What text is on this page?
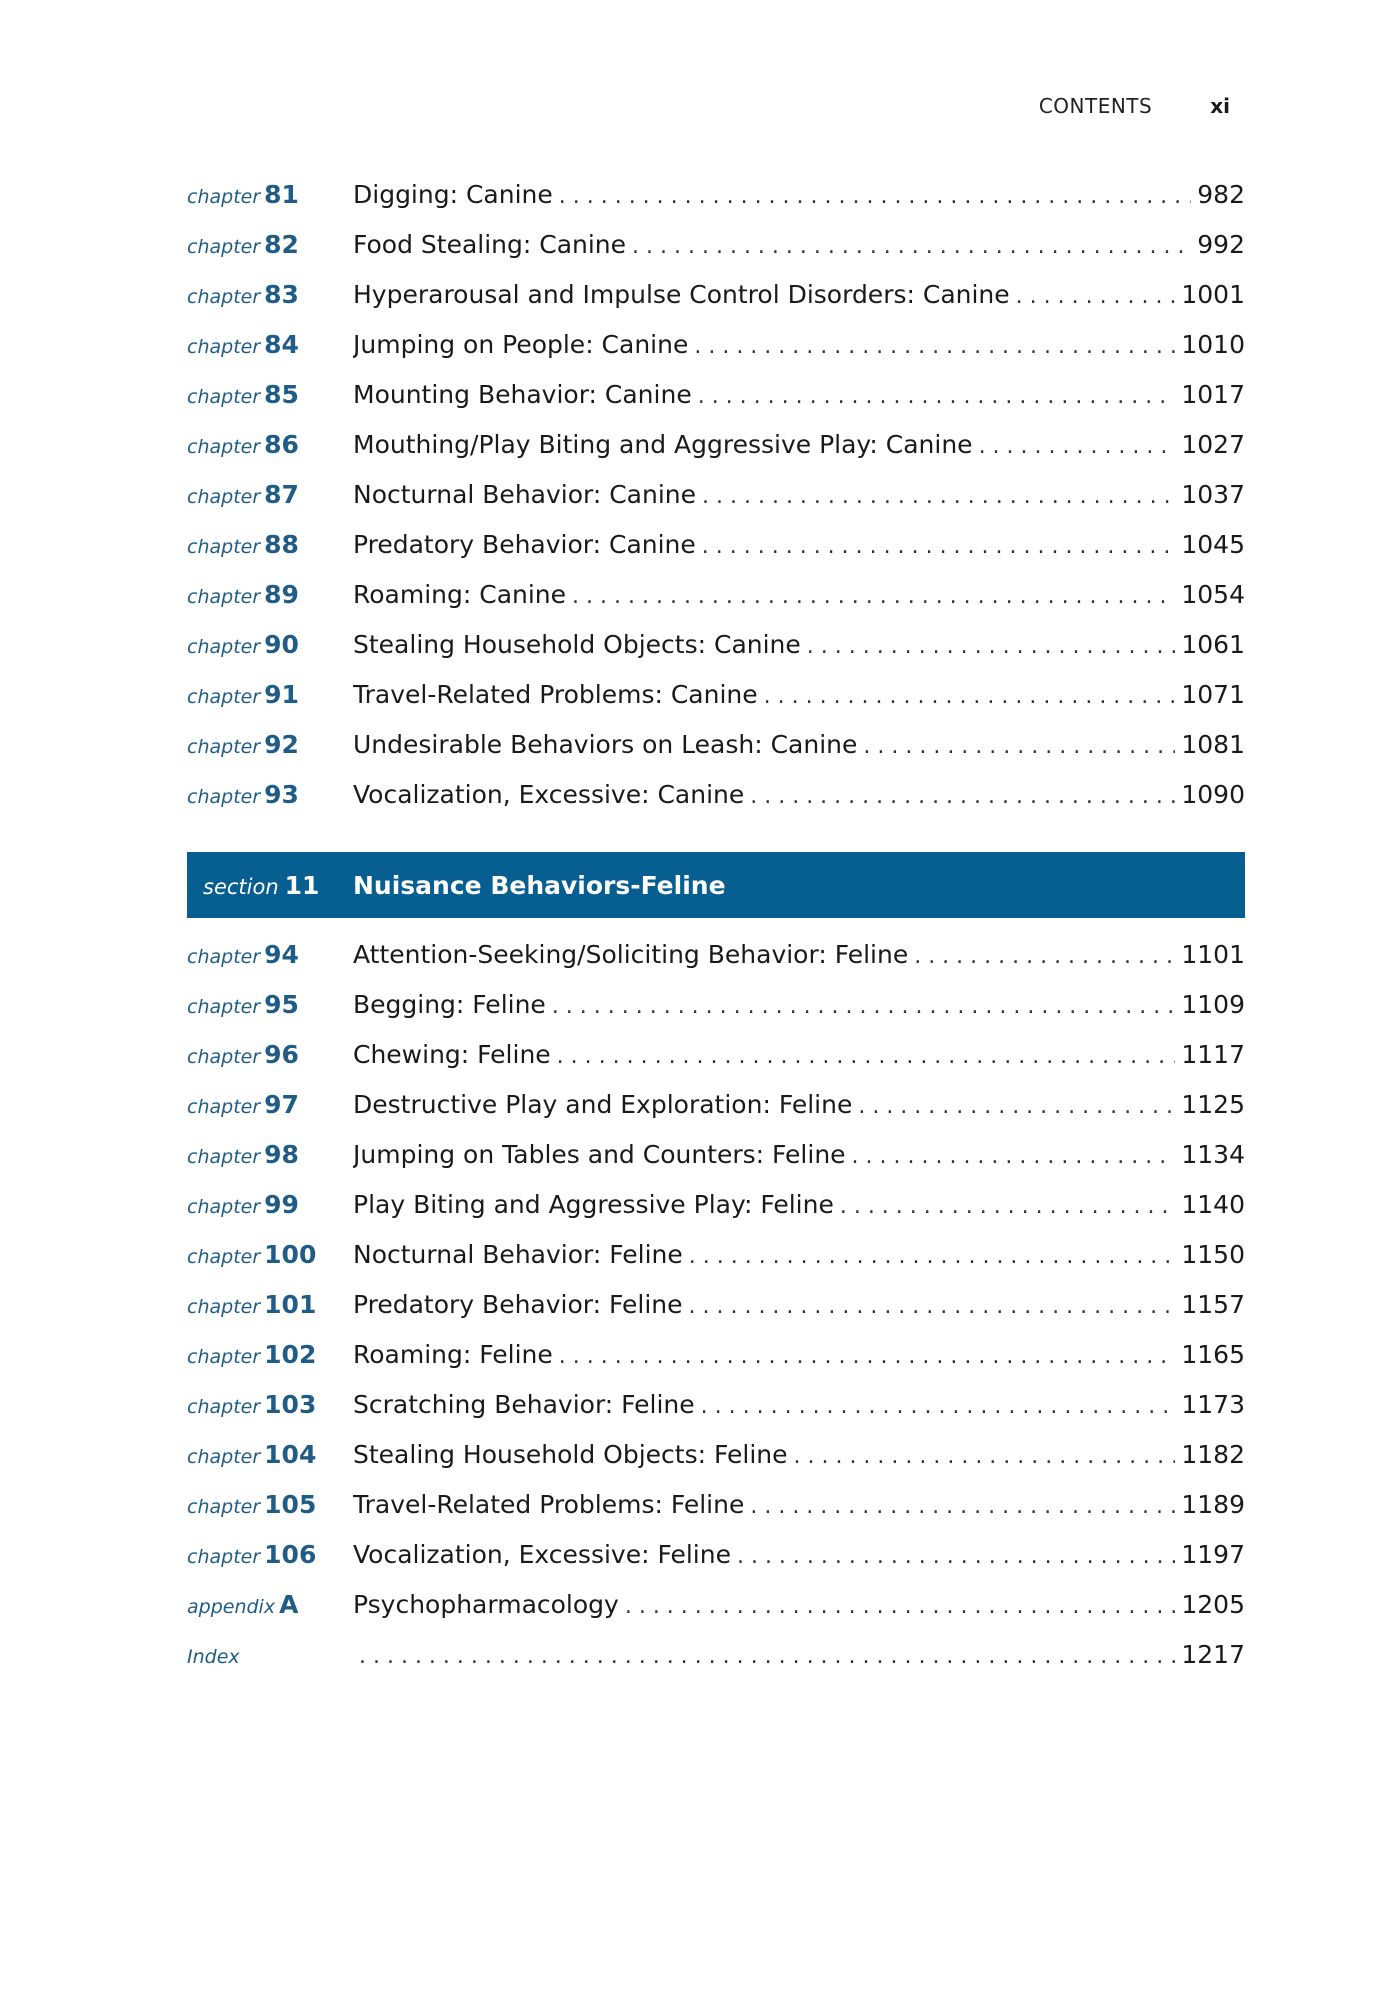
CONTENTS	xi
chapter 81	Digging: Canine . . .	982
chapter 82	Food Stealing: Canine . . .	992
chapter 83	Hyperarousal and Impulse Control Disorders: Canine . . .	1001
chapter 84	Jumping on People: Canine . . .	1010
chapter 85	Mounting Behavior: Canine . . .	1017
chapter 86	Mouthing/Play Biting and Aggressive Play: Canine . . .	1027
chapter 87	Nocturnal Behavior: Canine . . .	1037
chapter 88	Predatory Behavior: Canine . . .	1045
chapter 89	Roaming: Canine . . .	1054
chapter 90	Stealing Household Objects: Canine . . .	1061
chapter 91	Travel-Related Problems: Canine . . .	1071
chapter 92	Undesirable Behaviors on Leash: Canine . . .	1081
chapter 93	Vocalization, Excessive: Canine . . .	1090
section 11	Nuisance Behaviors-Feline
chapter 94	Attention-Seeking/Soliciting Behavior: Feline . . .	1101
chapter 95	Begging: Feline . . .	1109
chapter 96	Chewing: Feline . . .	1117
chapter 97	Destructive Play and Exploration: Feline . . .	1125
chapter 98	Jumping on Tables and Counters: Feline . . .	1134
chapter 99	Play Biting and Aggressive Play: Feline . . .	1140
chapter 100	Nocturnal Behavior: Feline . . .	1150
chapter 101	Predatory Behavior: Feline . . .	1157
chapter 102	Roaming: Feline . . .	1165
chapter 103	Scratching Behavior: Feline . . .	1173
chapter 104	Stealing Household Objects: Feline . . .	1182
chapter 105	Travel-Related Problems: Feline . . .	1189
chapter 106	Vocalization, Excessive: Feline . . .	1197
appendix A	Psychopharmacology . . .	1205
Index . . .	1217
